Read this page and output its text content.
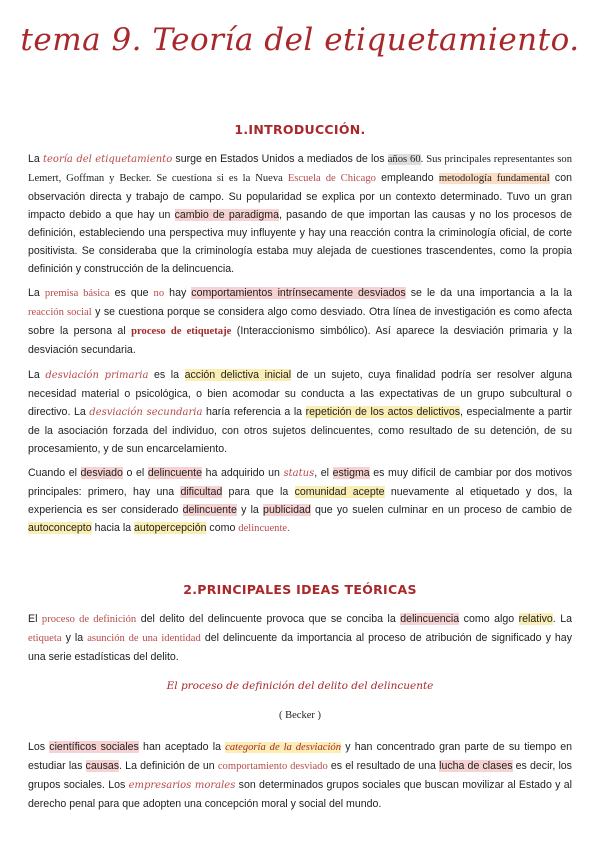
tema 9. Teoría del etiquetamiento.
1.INTRODUCCIÓN.

La teoría del etiquetamiento surge en Estados Unidos a mediados de los años 60. Sus principales representantes son Lemert, Goffman y Becker. Se cuestiona si es la Nueva Escuela de Chicago empleando metodología fundamental con observación directa y trabajo de campo. Su popularidad se explica por un contexto determinado. Tuvo un gran impacto debido a que hay un cambio de paradigma, pasando de que importan las causas y no los procesos de definición, estableciendo una perspectiva muy influyente y hay una reacción contra la criminología oficial, de corte positivista. Se consideraba que la criminología estaba muy alejada de cuestiones trascendentes, como la propia definición y construcción de la delincuencia.

La premisa básica es que no hay comportamientos intrínsecamente desviados se le da una importancia a la la reacción social y se cuestiona porque se considera algo como desviado. Otra línea de investigación es como afecta sobre la persona al proceso de etiquetaje (Interaccionismo simbólico). Así aparece la desviación primaria y la desviación secundaria.

La desviación primaria es la acción delictiva inicial de un sujeto, cuya finalidad podría ser resolver alguna necesidad material o psicológica, o bien acomodar su conducta a las expectativas de un grupo subcultural o directivo. La desviación secundaria haría referencia a la repetición de los actos delictivos, especialmente a partir de la asociación forzada del individuo, con otros sujetos delincuentes, como resultado de su detención, de su procesamiento, y de sun encarcelamiento.

Cuando el desviado o el delincuente ha adquirido un status, el estigma es muy difícil de cambiar por dos motivos principales: primero, hay una dificultad para que la comunidad acepte nuevamente al etiquetado y dos, la experiencia es ser considerado delincuente y la publicidad que yo suelen culminar en un proceso de cambio de autoconcepto hacia la autopercepción como delincuente.

2.PRINCIPALES IDEAS TEÓRICAS

El proceso de definición del delito del delincuente provoca que se conciba la delincuencia como algo relativo. La etiqueta y la asunción de una identidad del delincuente da importancia al proceso de atribución de significado y hay una serie estadísticas del delito.

El proceso de definición del delito del delincuente
( Becker )

Los científicos sociales han aceptado la categoría de la desviación y han concentrado gran parte de su tiempo en estudiar las causas. La definición de un comportamiento desviado es el resultado de una lucha de clases es decir, los grupos sociales. Los empresarios morales son determinados grupos sociales que buscan movilizar al Estado y al derecho penal para que adopten una concepción moral y social del mundo.
